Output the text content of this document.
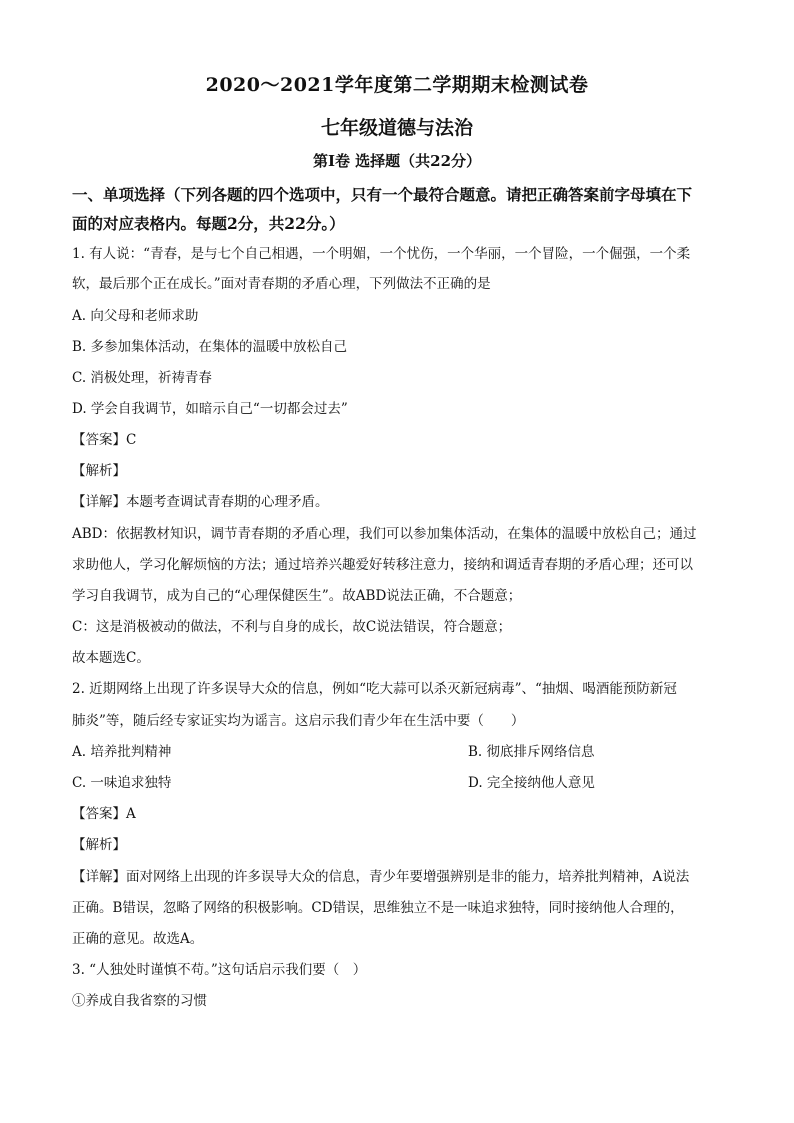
2020～2021学年度第二学期期末检测试卷
七年级道德与法治
第Ⅰ卷 选择题（共22分）
一、单项选择（下列各题的四个选项中，只有一个最符合题意。请把正确答案前字母填在下
面的对应表格内。每题2分，共22分。）
1. 有人说：“青春，是与七个自己相遇，一个明媚，一个忧伤，一个华丽，一个冒险，一个倔强，一个柔
软，最后那个正在成长。”面对青春期的矛盾心理，下列做法不正确的是
A. 向父母和老师求助
B. 多参加集体活动，在集体的温暖中放松自己
C. 消极处理，祈祷青春
D. 学会自我调节，如暗示自己“一切都会过去”
【答案】C
【解析】
【详解】本题考查调试青春期的心理矛盾。
ABD：依据教材知识，调节青春期的矛盾心理，我们可以参加集体活动，在集体的温暖中放松自己；通过
求助他人，学习化解烦恼的方法；通过培养兴趣爱好转移注意力，接纳和调适青春期的矛盾心理；还可以
学习自我调节，成为自己的“心理保健医生”。故ABD说法正确，不合题意；
C：这是消极被动的做法，不利与自身的成长，故C说法错误，符合题意；
故本题选C。
2. 近期网络上出现了许多误导大众的信息，例如“吃大蒜可以杀灭新冠病毒”、“抽烟、喝酒能预防新冠
肺炎”等，随后经专家证实均为谣言。这启示我们青少年在生活中要（　　）
A. 培养批判精神	B. 彻底排斥网络信息
C. 一味追求独特	D. 完全接纳他人意见
【答案】A
【解析】
【详解】面对网络上出现的许多误导大众的信息，青少年要增强辨别是非的能力，培养批判精神，A说法
正确。B错误，忽略了网络的积极影响。CD错误，思维独立不是一味追求独特，同时接纳他人合理的，
正确的意见。故选A。
3. “人独处时谨慎不苟。”这句话启示我们要（　）
①养成自我省察的习惯
